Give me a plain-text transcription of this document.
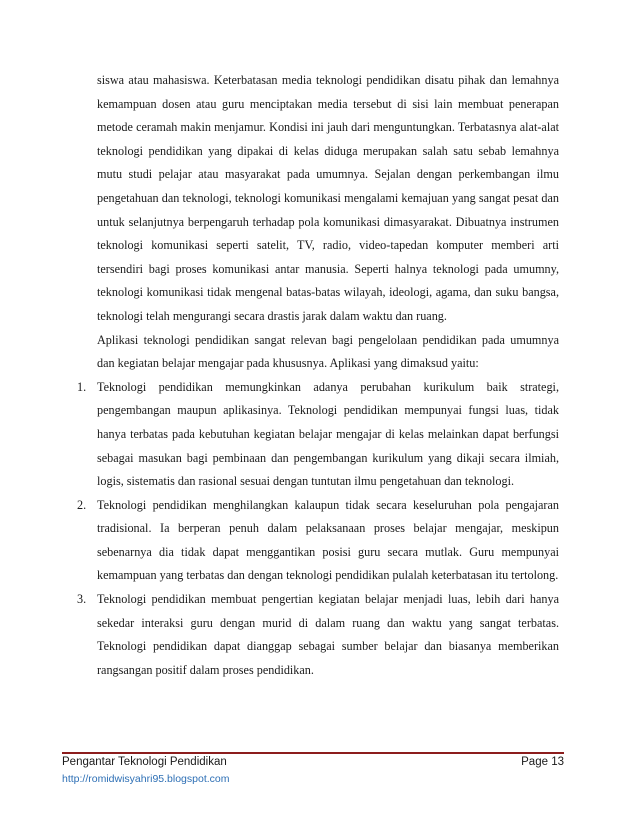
siswa atau mahasiswa. Keterbatasan media teknologi pendidikan disatu pihak dan lemahnya kemampuan dosen atau guru menciptakan media tersebut di sisi lain membuat penerapan metode ceramah makin menjamur. Kondisi ini jauh dari menguntungkan. Terbatasnya alat-alat teknologi pendidikan yang dipakai di kelas diduga merupakan salah satu sebab lemahnya mutu studi pelajar atau masyarakat pada umumnya. Sejalan dengan perkembangan ilmu pengetahuan dan teknologi, teknologi komunikasi mengalami kemajuan yang sangat pesat dan untuk selanjutnya berpengaruh terhadap pola komunikasi dimasyarakat. Dibuatnya instrumen teknologi komunikasi seperti satelit, TV, radio, video-tapedan komputer memberi arti tersendiri bagi proses komunikasi antar manusia. Seperti halnya teknologi pada umumny, teknologi komunikasi tidak mengenal batas-batas wilayah, ideologi, agama, dan suku bangsa, teknologi telah mengurangi secara drastis jarak dalam waktu dan ruang.

Aplikasi teknologi pendidikan sangat relevan bagi pengelolaan pendidikan pada umumnya dan kegiatan belajar mengajar pada khususnya. Aplikasi yang dimaksud yaitu:

1. Teknologi pendidikan memungkinkan adanya perubahan kurikulum baik strategi, pengembangan maupun aplikasinya. Teknologi pendidikan mempunyai fungsi luas, tidak hanya terbatas pada kebutuhan kegiatan belajar mengajar di kelas melainkan dapat berfungsi sebagai masukan bagi pembinaan dan pengembangan kurikulum yang dikaji secara ilmiah, logis, sistematis dan rasional sesuai dengan tuntutan ilmu pengetahuan dan teknologi.
2. Teknologi pendidikan menghilangkan kalaupun tidak secara keseluruhan pola pengajaran tradisional. Ia berperan penuh dalam pelaksanaan proses belajar mengajar, meskipun sebenarnya dia tidak dapat menggantikan posisi guru secara mutlak. Guru mempunyai kemampuan yang terbatas dan dengan teknologi pendidikan pulalah keterbatasan itu tertolong.
3. Teknologi pendidikan membuat pengertian kegiatan belajar menjadi luas, lebih dari hanya sekedar interaksi guru dengan murid di dalam ruang dan waktu yang sangat terbatas. Teknologi pendidikan dapat dianggap sebagai sumber belajar dan biasanya memberikan rangsangan positif dalam proses pendidikan.
Pengantar Teknologi Pendidikan	Page 13
http://romidwisyahri95.blogspot.com
